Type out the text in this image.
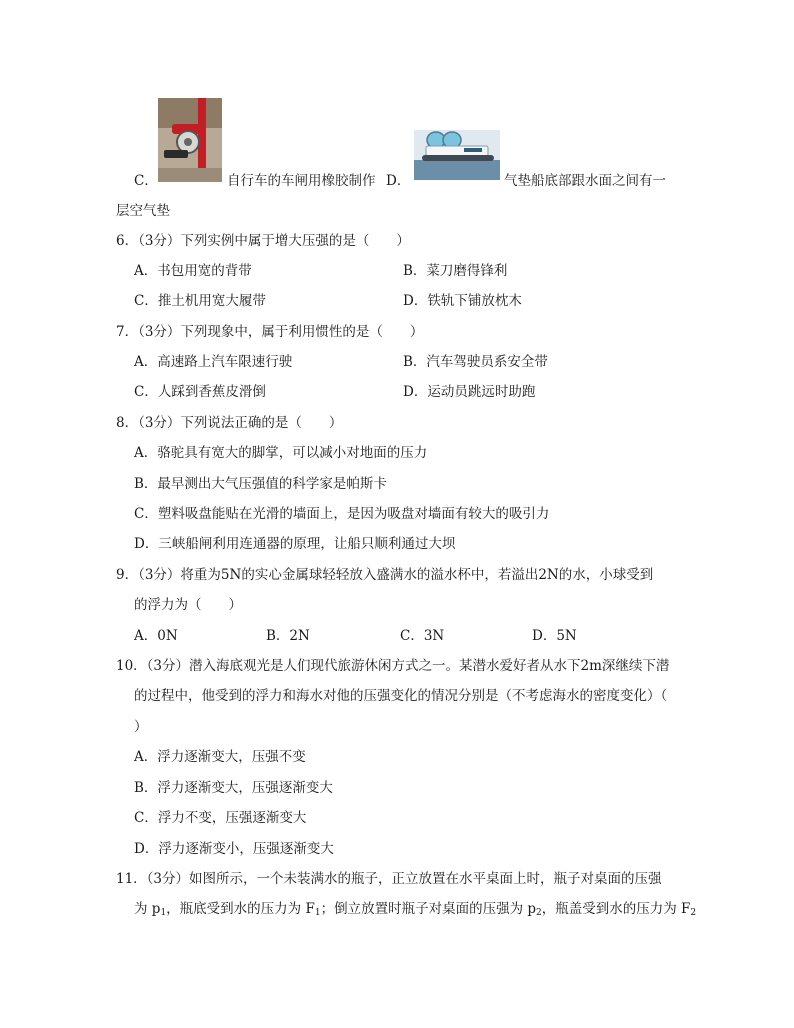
C．	自行车的车闸用橡胶制作 D．	气垫船底部跟水面之间有一
层空气垫
6．（3分）下列实例中属于增大压强的是（　　）
A．书包用宽的背带	B．菜刀磨得锋利
C．推土机用宽大履带	D．铁轨下铺放枕木
7．（3分）下列现象中，属于利用惯性的是（　　）
A．高速路上汽车限速行驶	B．汽车驾驶员系安全带
C．人踩到香蕉皮滑倒	D．运动员跳远时助跑
8．（3分）下列说法正确的是（　　）
A．骆驼具有宽大的脚掌，可以减小对地面的压力
B．最早测出大气压强值的科学家是帕斯卡
C．塑料吸盘能贴在光滑的墙面上，是因为吸盘对墙面有较大的吸引力
D．三峡船闸利用连通器的原理，让船只顺利通过大坝
9．（3分）将重为5N的实心金属球轻轻放入盛满水的溢水杯中，若溢出2N的水，小球受到
的浮力为（　　）
A．0N	B．2N	C．3N	D．5N
10．（3分）潜入海底观光是人们现代旅游休闲方式之一。某潜水爱好者从水下2m深继续下潜
的过程中，他受到的浮力和海水对他的压强变化的情况分别是（不考虑海水的密度变化）（
）
A．浮力逐渐变大，压强不变
B．浮力逐渐变大，压强逐渐变大
C．浮力不变，压强逐渐变大
D．浮力逐渐变小，压强逐渐变大
11．（3分）如图所示，一个未装满水的瓶子，正立放置在水平桌面上时，瓶子对桌面的压强
为 $p_1$，瓶底受到水的压力为 $F_1$；倒立放置时瓶子对桌面的压强为 $p_2$，瓶盖受到水的压力为 $F_2$
